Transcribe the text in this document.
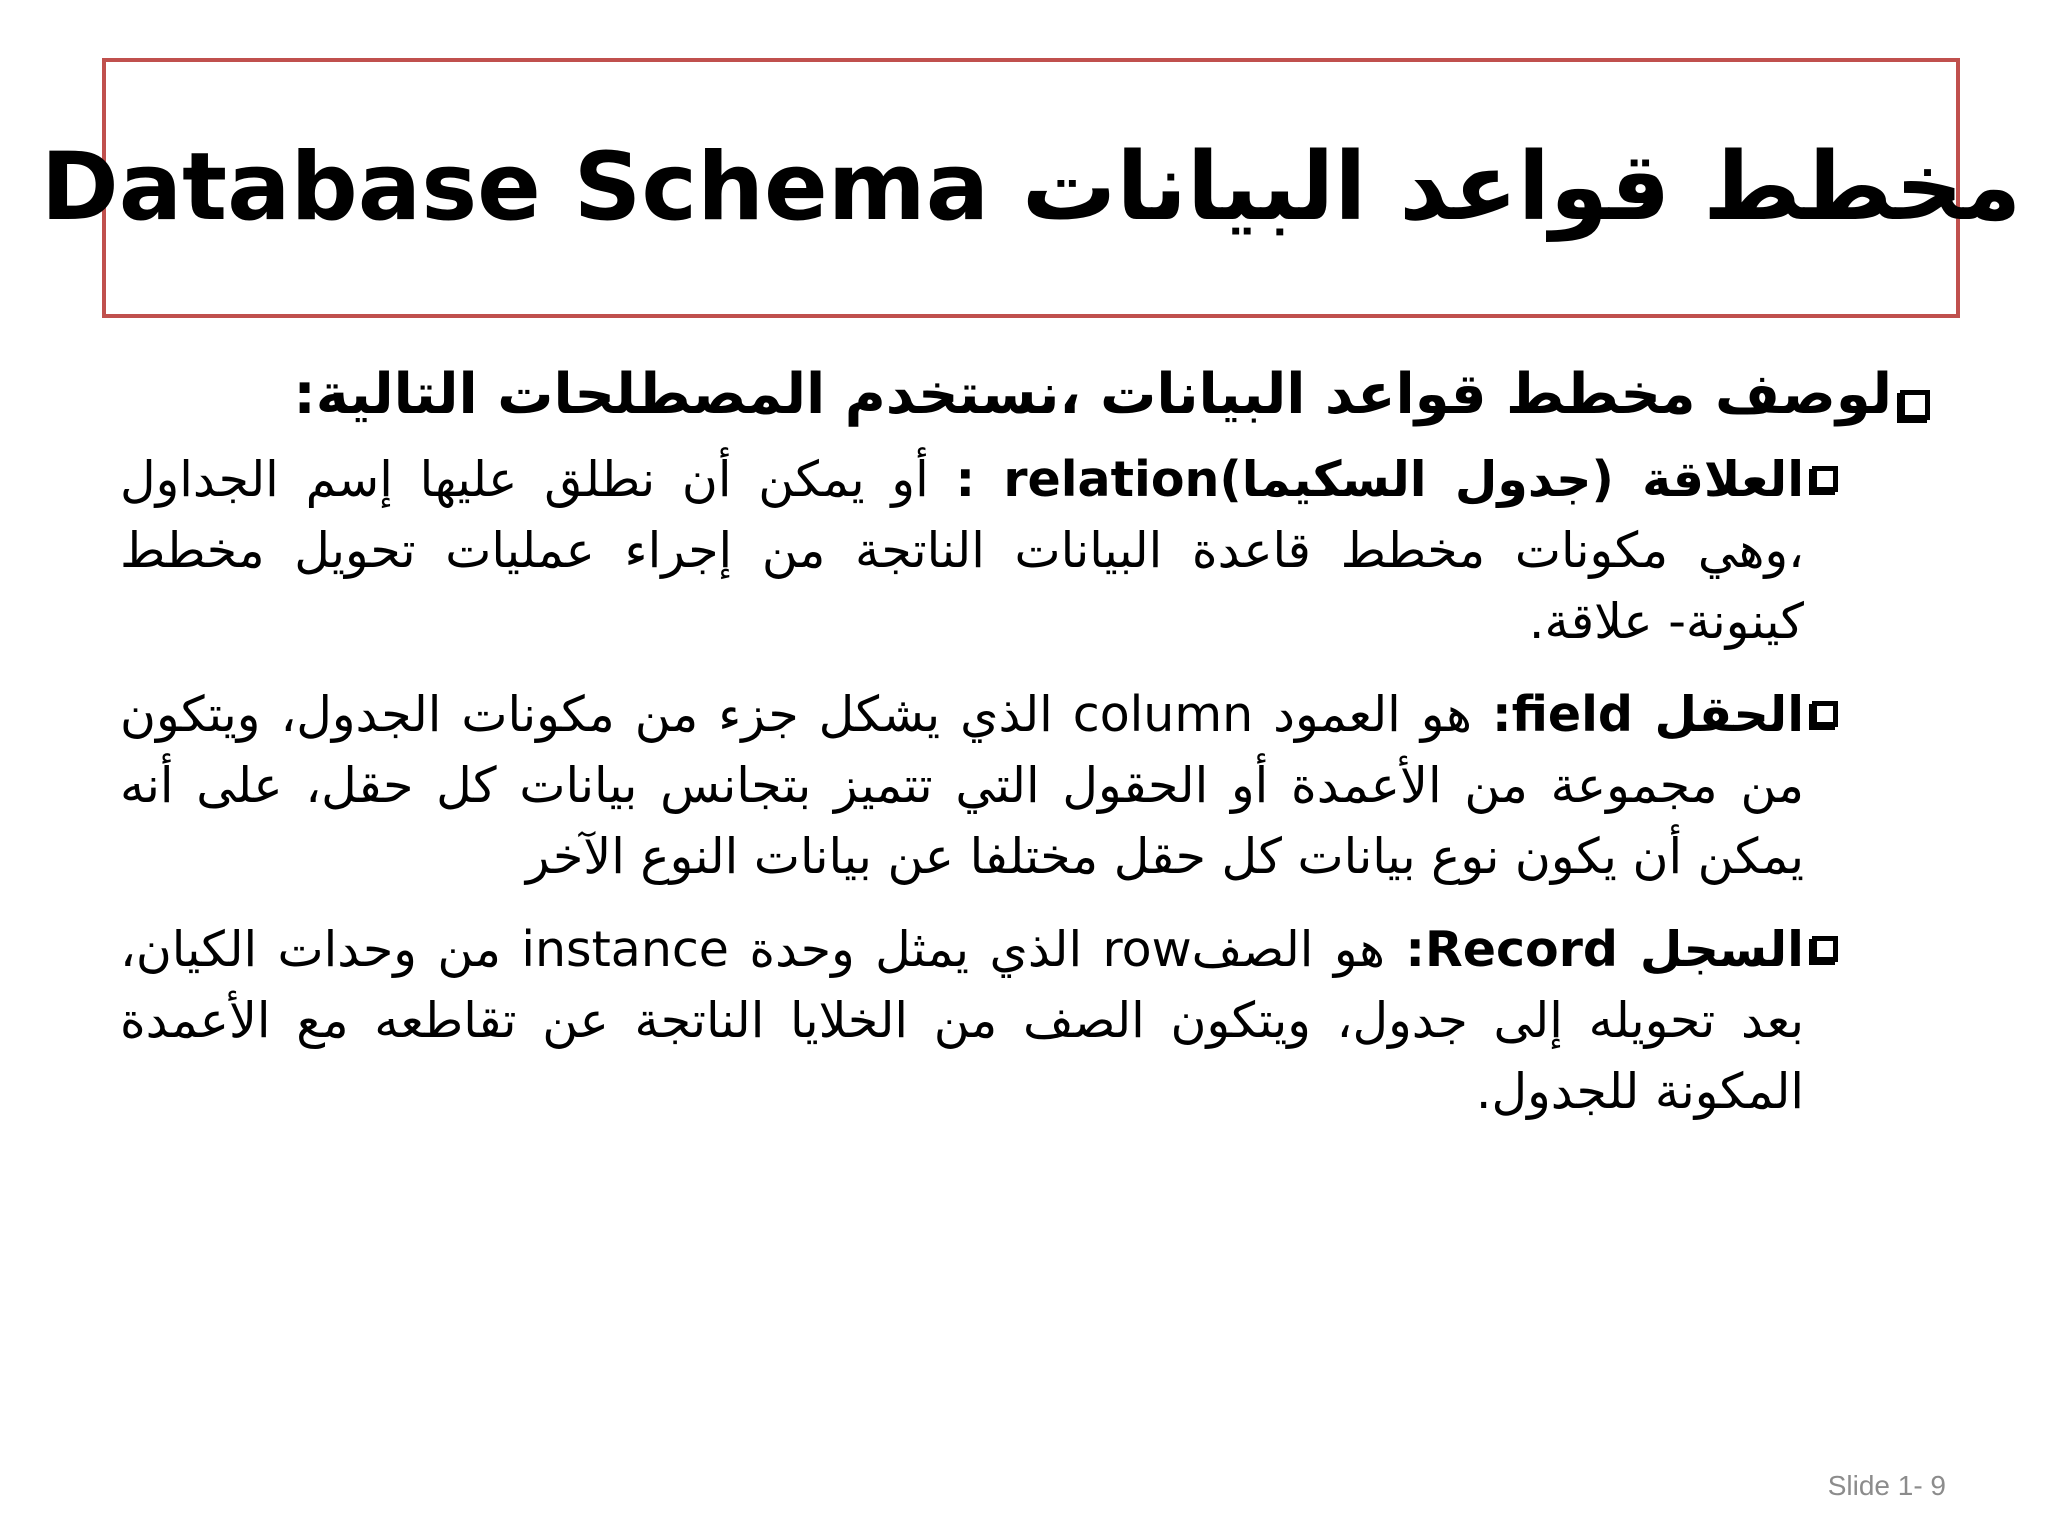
مخطط قواعد البيانات Database Schema
لوصف مخطط قواعد البيانات ،نستخدم المصطلحات التالية:
العلاقة (جدول السكيما)relation : أو يمكن أن نطلق عليها إسم الجداول ،وهي مكونات مخطط قاعدة البيانات الناتجة من إجراء عمليات تحويل مخطط كينونة- علاقة.
الحقل field: هو العمود column الذي يشكل جزء من مكونات الجدول، ويتكون من مجموعة من الأعمدة أو الحقول التي تتميز بتجانس بيانات كل حقل، على أنه يمكن أن يكون نوع بيانات كل حقل مختلفا عن بيانات النوع الآخر
السجل Record: هو الصفrow الذي يمثل وحدة instance من وحدات الكيان، بعد تحويله إلى جدول، ويتكون الصف من الخلايا الناتجة عن تقاطعه مع الأعمدة المكونة للجدول.
Slide 1- 9
